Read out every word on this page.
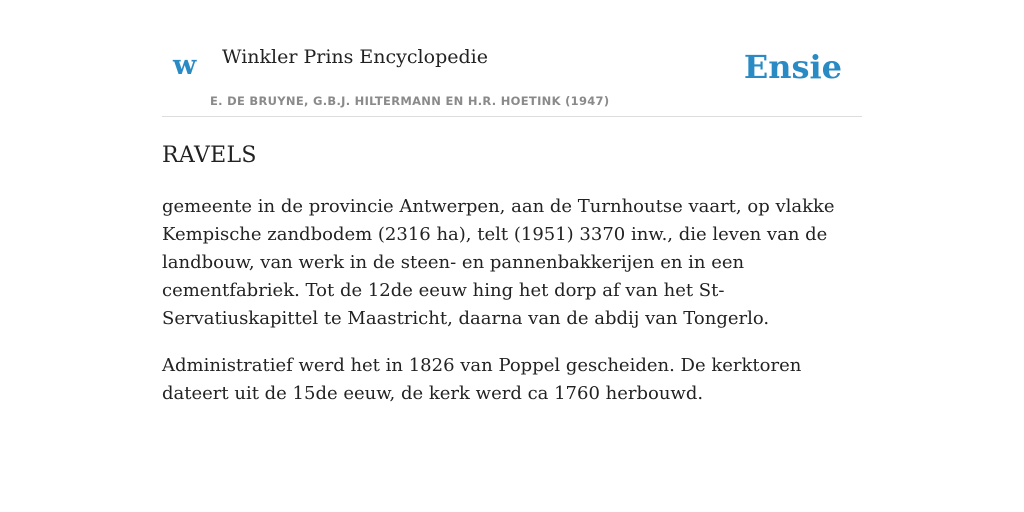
w Winkler Prins Encyclopedie
E. DE BRUYNE, G.B.J. HILTERMANN EN H.R. HOETINK (1947)
Ensie
RAVELS

gemeente in de provincie Antwerpen, aan de Turnhoutse vaart, op vlakke Kempische zandbodem (2316 ha), telt (1951) 3370 inw., die leven van de landbouw, van werk in de steen- en pannenbakkerijen en in een cementfabriek. Tot de 12de eeuw hing het dorp af van het St-Servatiuskapittel te Maastricht, daarna van de abdij van Tongerlo.

Administratief werd het in 1826 van Poppel gescheiden. De kerktoren dateert uit de 15de eeuw, de kerk werd ca 1760 herbouwd.
